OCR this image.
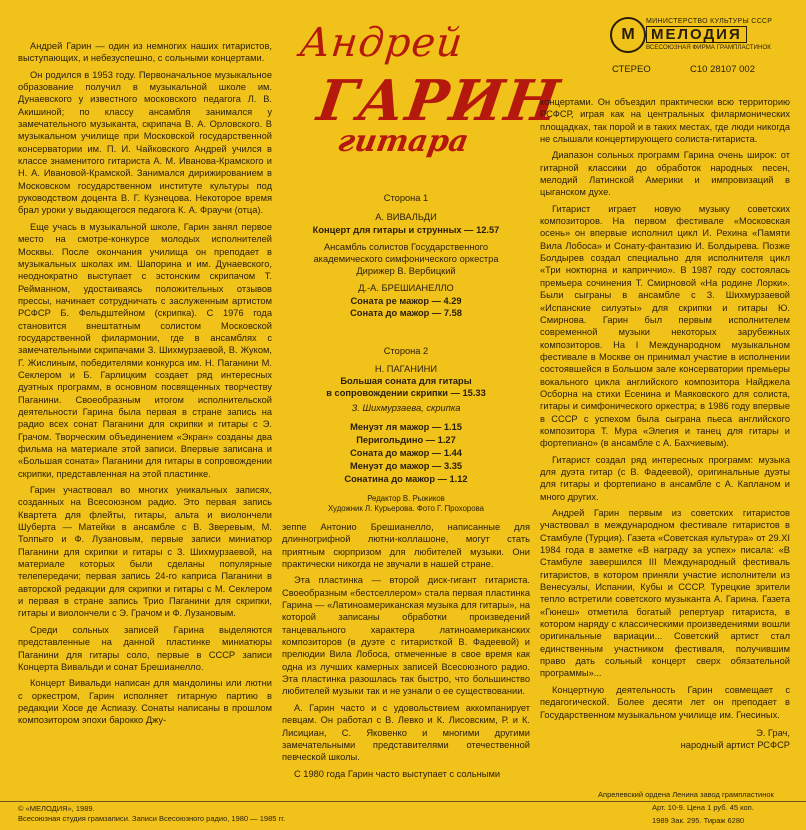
Андрей Гарин — один из немногих наших гитаристов, выступающих, и небезуспешно, с сольными концертами.

Он родился в 1953 году. Первоначальное музыкальное образование получил в музыкальной школе им. Дунаевского у известного московского педагога Л. В. Акишиной; по классу ансамбля занимался у замечательного музыканта, скрипача В. А. Орловского. В музыкальном училище при Московской государственной консерватории им. П. И. Чайковского Андрей учился в классе знаменитого гитариста А. М. Иванова-Крамского и Н. А. Ивановой-Крамской. Занимался дирижированием в Московском государственном институте культуры под руководством доцента В. Г. Кузнецова. Некоторое время брал уроки у выдающегося педагога К. А. Фраучи (отца).

Еще учась в музыкальной школе, Гарин занял первое место на смотре-конкурсе молодых исполнителей Москвы. После окончания училища он преподает в музыкальных школах им. Шапорина и им. Дунаевского, неоднократно выступает с эстонским скрипачом Т. Рейманном, удостаиваясь положительных отзывов прессы, начинает сотрудничать с заслуженным артистом РСФСР Б. Фельдштейном (скрипка). С 1976 года становится внештатным солистом Московской государственной филармонии, где в ансамблях с замечательными скрипачами З. Шихмурзаевой, В. Жуком, Г. Жислиным, победителями конкурса им. Н. Паганини М. Секлером и Б. Гарлицким создает ряд интересных дуэтных программ, в основном посвященных творчеству Паганини. Своеобразным итогом исполнительской деятельности Гарина была первая в стране запись на радио всех сонат Паганини для скрипки и гитары с Э. Грачом. Творческим объединением «Экран» созданы два фильма на материале этой записи. Впервые записана и «Большая соната» Паганини для гитары в сопровождении скрипки, представленная на этой пластинке.

Гарин участвовал во многих уникальных записях, созданных на Всесоюзном радио. Это первая запись Квартета для флейты, гитары, альта и виолончели Шуберта — Матейки в ансамбле с В. Зверевым, М. Толпыго и Ф. Лузановым, первые записи миниатюр Паганини для скрипки и гитары с З. Шихмурзаевой, на материале которых были сделаны популярные телепередачи; первая запись 24-го каприса Паганини в авторской редакции для скрипки и гитары с М. Секлером и первая в стране запись Трио Паганини для скрипки, гитары и виолончели с Э. Грачом и Ф. Лузановым.

Среди сольных записей Гарина выделяются представленные на данной пластинке миниатюры Паганини для гитары соло, первые в СССР записи Концерта Вивальди и сонат Брешианелло.

Концерт Вивальди написан для мандолины или лютни с оркестром, Гарин исполняет гитарную партию в редакции Хосе де Аспиазу. Сонаты написаны в прошлом композитором эпохи барокко Джу-

Андрей
ГАРИН
гитара
М
МИНИСТЕРСТВО КУЛЬТУРЫ СССР
МЕЛОДИЯ
ВСЕСОЮЗНАЯ ФИРМА ГРАМПЛАСТИНОК
СТЕРЕО	С10 28107 002
Сторона 1
А. ВИВАЛЬДИ
Концерт для гитары и струнных — 12.57
Ансамбль солистов Государственного
академического симфонического оркестра
Дирижер В. Вербицкий
Д.-А. БРЕШИАНЕЛЛО
Соната ре мажор — 4.29
Соната до мажор — 7.58
Сторона 2
Н. ПАГАНИНИ
Большая соната для гитары
в сопровождении скрипки — 15.33
З. Шихмурзаева, скрипка
Менуэт ля мажор — 1.15
Перигольдино — 1.27
Соната до мажор — 1.44
Менуэт до мажор — 3.35
Сонатина до мажор — 1.12
Редактор В. Рыжиков
Художник Л. Курьерова. Фото Г. Прохорова

зеппе Антонио Брешианелло, написанные для длинногрифной лютни-коллашоне, могут стать приятным сюрпризом для любителей музыки. Они практически никогда не звучали в нашей стране.

Эта пластинка — второй диск-гигант гитариста. Своеобразным «бестселлером» стала первая пластинка Гарина — «Латиноамериканская музыка для гитары», на которой записаны обработки произведений танцевального характера латиноамериканских композиторов (в дуэте с гитаристкой В. Фадеевой) и прелюдии Вила Лобоса, отмеченные в свое время как одна из лучших камерных записей Всесоюзного радио. Эта пластинка разошлась так быстро, что большинство любителей музыки так и не узнали о ее существовании.

А. Гарин часто и с удовольствием аккомпанирует певцам. Он работал с В. Левко и К. Лисовским, Р. и К. Лисициан, С. Яковенко и многими другими замечательными представителями отечественной певческой школы.

С 1980 года Гарин часто выступает с сольными

концертами. Он объездил практически всю территорию РСФСР, играя как на центральных филармонических площадках, так порой и в таких местах, где люди никогда не слышали концертирующего солиста-гитариста.

Диапазон сольных программ Гарина очень широк: от гитарной классики до обработок народных песен, мелодий Латинской Америки и импровизаций в цыганском духе.

Гитарист играет новую музыку советских композиторов. На первом фестивале «Московская осень» он впервые исполнил цикл И. Рехина «Памяти Вила Лобоса» и Сонату-фантазию И. Болдырева. Позже Болдырев создал специально для исполнителя цикл «Три ноктюрна и каприччио». В 1987 году состоялась премьера сочинения Т. Смирновой «На родине Лорки». Были сыграны в ансамбле с З. Шихмурзаевой «Испанские силуэты» для скрипки и гитары Ю. Смирнова. Гарин был первым исполнителем современной музыки некоторых зарубежных композиторов. На I Международном музыкальном фестивале в Москве он принимал участие в исполнении состоявшейся в Большом зале консерватории премьеры вокального цикла английского композитора Найджела Осборна на стихи Есенина и Маяковского для солиста, гитары и симфонического оркестра; в 1986 году впервые в СССР с успехом была сыграна пьеса английского композитора Т. Мура «Элегия и танец для гитары и фортепиано» (в ансамбле с А. Бахчиевым).

Гитарист создал ряд интересных программ: музыка для дуэта гитар (с В. Фадеевой), оригинальные дуэты для гитары и фортепиано в ансамбле с А. Капланом и много других.

Андрей Гарин первым из советских гитаристов участвовал в международном фестивале гитаристов в Стамбуле (Турция). Газета «Советская культура» от 29.XI 1984 года в заметке «В награду за успех» писала: «В Стамбуле завершился III Международный фестиваль гитаристов, в котором приняли участие исполнители из Венесуэлы, Испании, Кубы и СССР. Турецкие зрители тепло встретили советского музыканта А. Гарина. Газета «Гюнеш» отметила богатый репертуар гитариста, в котором наряду с классическими произведениями вошли оригинальные вариации... Советский артист стал единственным участником фестиваля, получившим право дать сольный концерт сверх обязательной программы»...

Концертную деятельность Гарин совмещает с педагогической. Более десяти лет он преподает в Государственном музыкальном училище им. Гнесиных.

Э. Грач,

народный артист РСФСР

© «МЕЛОДИЯ», 1989.
Всесоюзная студия грамзаписи. Записи Всесоюзного радио, 1980 — 1985 гг.
Апрелевский ордена Ленина завод грампластинок
Арт. 10-9. Цена 1 руб. 45 коп.
1989 Зак. 295. Тираж 6280
